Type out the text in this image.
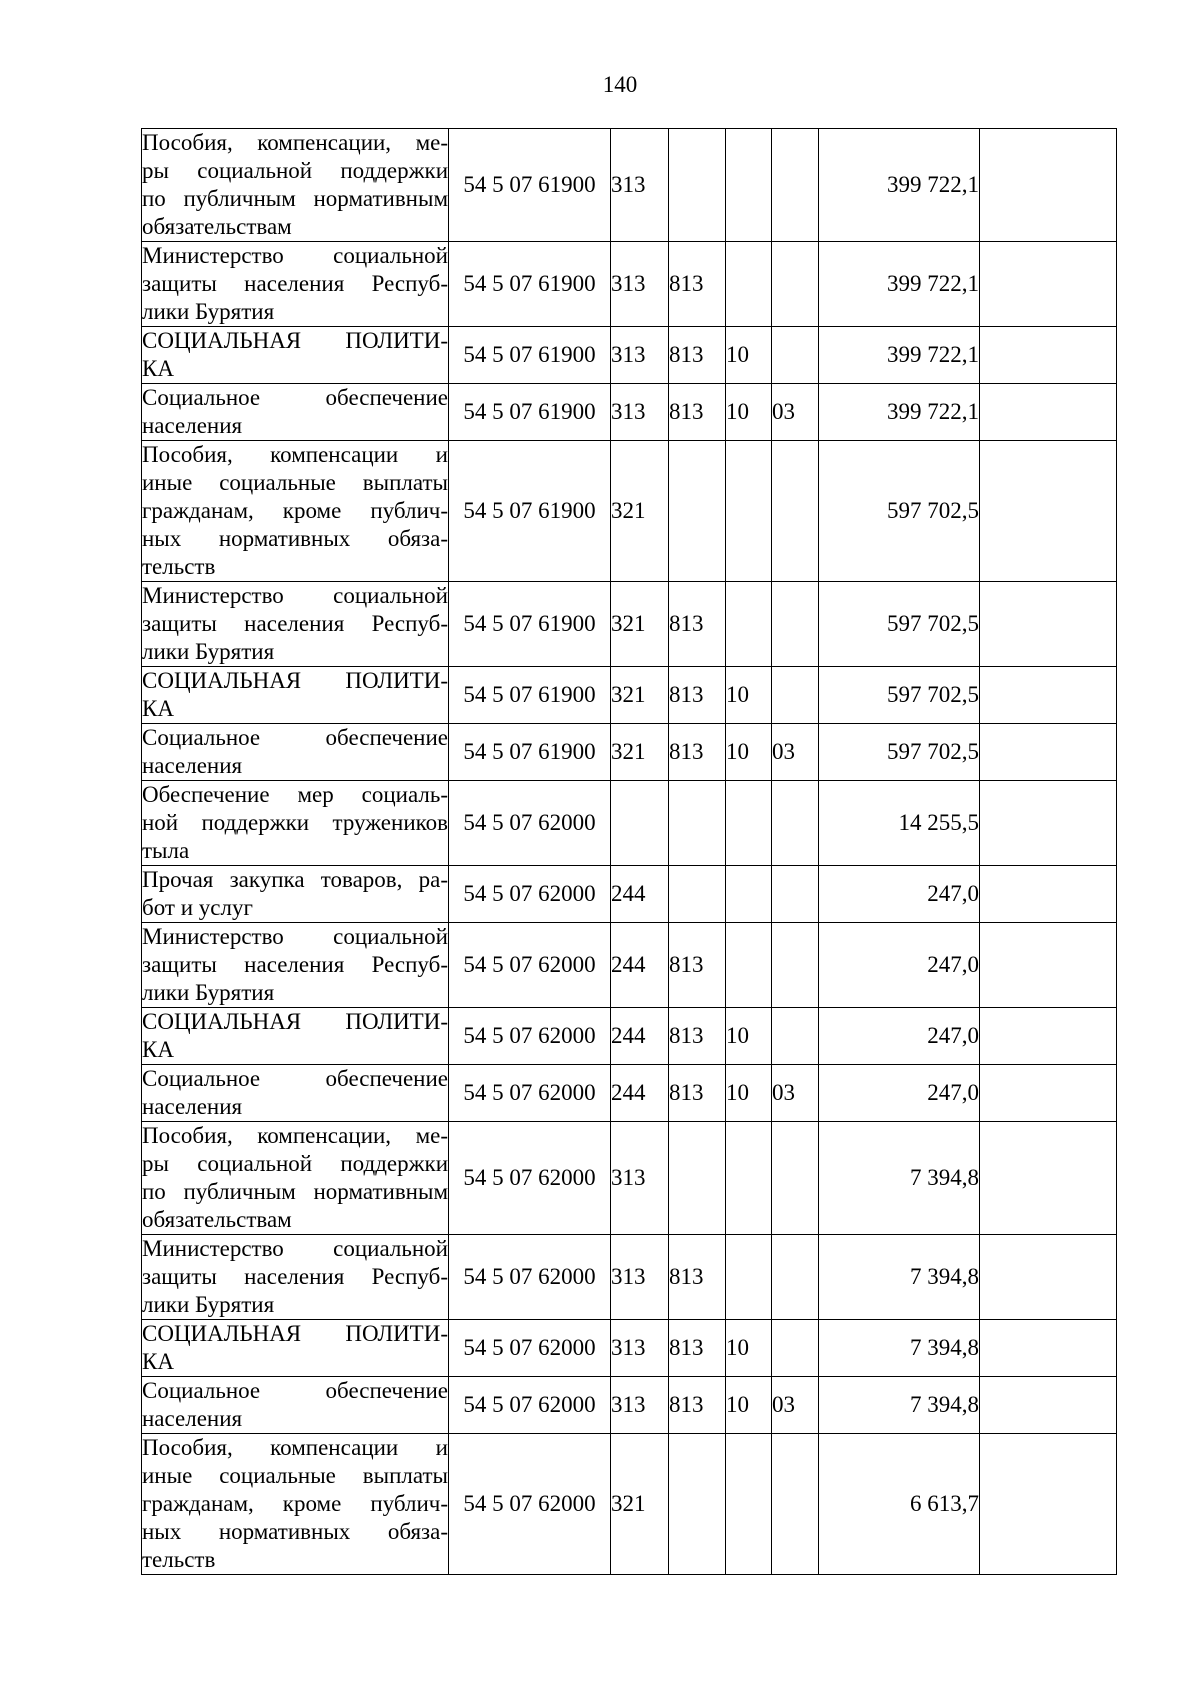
140
Пособия, компенсации, ме-
ры социальной поддержки
по публичным нормативным
обязательствам	54 5 07 61900	313				399 722,1	

Министерство социальной
защиты населения Респуб-
лики Бурятия	54 5 07 61900	313	813			399 722,1	

СОЦИАЛЬНАЯ ПОЛИТИ-
КА	54 5 07 61900	313	813	10		399 722,1	

Социальное обеспечение
населения	54 5 07 61900	313	813	10	03	399 722,1	

Пособия, компенсации и
иные социальные выплаты
гражданам, кроме публич-
ных нормативных обяза-
тельств	54 5 07 61900	321				597 702,5	

Министерство социальной
защиты населения Респуб-
лики Бурятия	54 5 07 61900	321	813			597 702,5	

СОЦИАЛЬНАЯ ПОЛИТИ-
КА	54 5 07 61900	321	813	10		597 702,5	

Социальное обеспечение
населения	54 5 07 61900	321	813	10	03	597 702,5	

Обеспечение мер социаль-
ной поддержки тружеников
тыла	54 5 07 62000					14 255,5	

Прочая закупка товаров, ра-
бот и услуг	54 5 07 62000	244				247,0	

Министерство социальной
защиты населения Респуб-
лики Бурятия	54 5 07 62000	244	813			247,0	

СОЦИАЛЬНАЯ ПОЛИТИ-
КА	54 5 07 62000	244	813	10		247,0	

Социальное обеспечение
населения	54 5 07 62000	244	813	10	03	247,0	

Пособия, компенсации, ме-
ры социальной поддержки
по публичным нормативным
обязательствам	54 5 07 62000	313				7 394,8	

Министерство социальной
защиты населения Респуб-
лики Бурятия	54 5 07 62000	313	813			7 394,8	

СОЦИАЛЬНАЯ ПОЛИТИ-
КА	54 5 07 62000	313	813	10		7 394,8	

Социальное обеспечение
населения	54 5 07 62000	313	813	10	03	7 394,8	

Пособия, компенсации и
иные социальные выплаты
гражданам, кроме публич-
ных нормативных обяза-
тельств	54 5 07 62000	321				6 613,7	
